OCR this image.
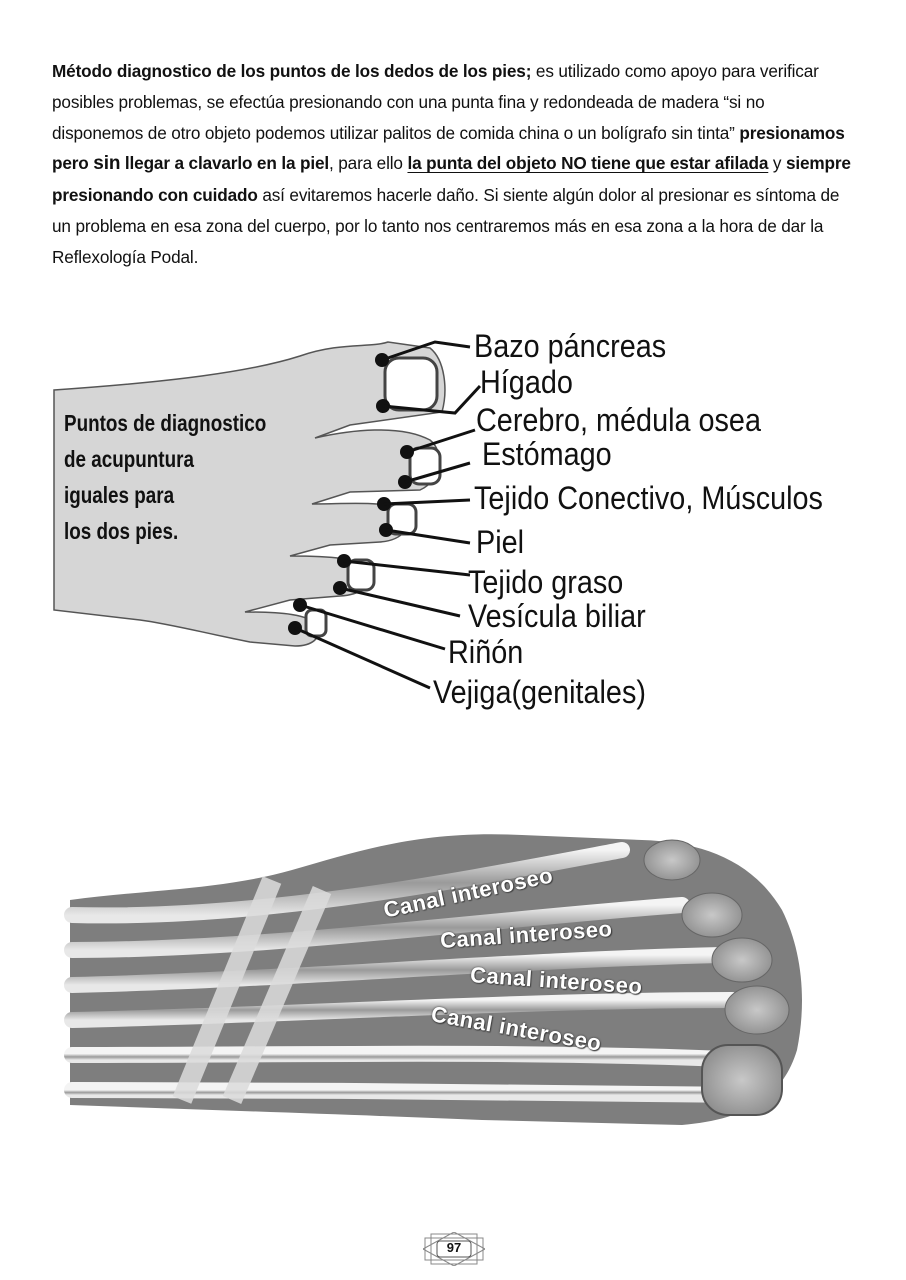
Método diagnostico de los puntos de los dedos de los pies; es utilizado como apoyo para verificar posibles problemas, se efectúa presionando con una punta fina y redondeada de madera “si no disponemos de otro objeto podemos utilizar palitos de comida china o un bolígrafo sin tinta” presionamos pero sin llegar a clavarlo en la piel, para ello la punta del objeto NO tiene que estar afilada y siempre presionando con cuidado así evitaremos hacerle daño. Si siente algún dolor al presionar es síntoma de un problema en esa zona del cuerpo, por lo tanto nos centraremos más en esa zona a la hora de dar la Reflexología Podal.
Puntos de diagnostico
de acupuntura
iguales para
los dos pies.
Bazo páncreas
Hígado
Cerebro, médula osea
Estómago
Tejido Conectivo, Músculos
Piel
Tejido graso
Vesícula biliar
Riñón
Vejiga(genitales)
Canal interoseo
Canal interoseo
Canal interoseo
Canal interoseo
97
